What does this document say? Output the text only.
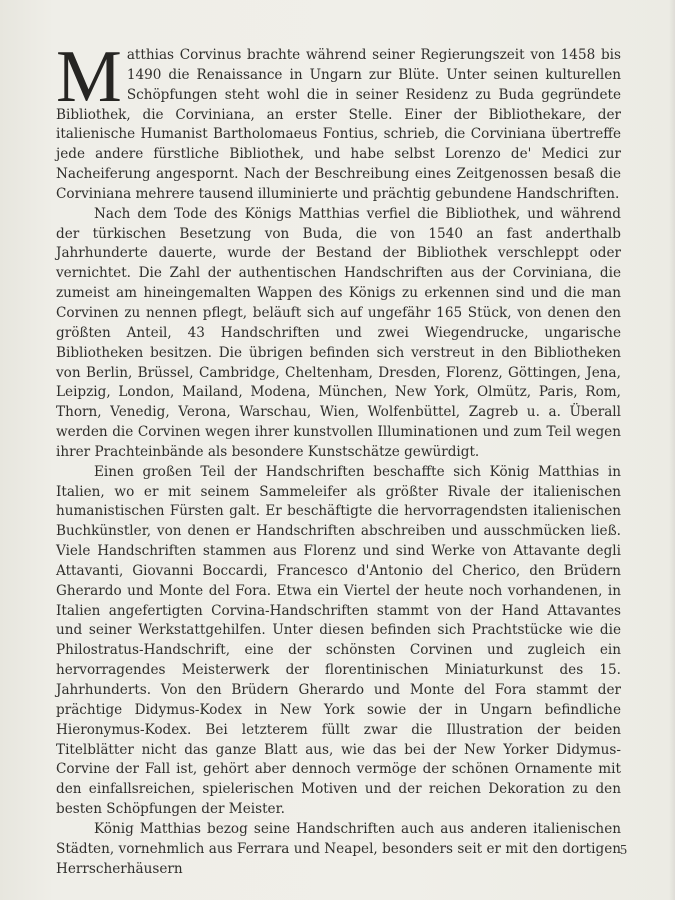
Matthias Corvinus brachte während seiner Regierungszeit von 1458 bis 1490 die Renaissance in Ungarn zur Blüte. Unter seinen kulturellen Schöpfungen steht wohl die in seiner Residenz zu Buda gegründete Bibliothek, die Corviniana, an erster Stelle. Einer der Bibliothekare, der italienische Humanist Bartholomaeus Fontius, schrieb, die Corviniana übertreffe jede andere fürstliche Bibliothek, und habe selbst Lorenzo de' Medici zur Nacheiferung angespornt. Nach der Beschreibung eines Zeitgenossen besaß die Corviniana mehrere tausend illuminierte und prächtig gebundene Handschriften.

Nach dem Tode des Königs Matthias verfiel die Bibliothek, und während der türkischen Besetzung von Buda, die von 1540 an fast anderthalb Jahrhunderte dauerte, wurde der Bestand der Bibliothek verschleppt oder vernichtet. Die Zahl der authentischen Handschriften aus der Corviniana, die zumeist am hineingemalten Wappen des Königs zu erkennen sind und die man Corvinen zu nennen pflegt, beläuft sich auf ungefähr 165 Stück, von denen den größten Anteil, 43 Handschriften und zwei Wiegendrucke, ungarische Bibliotheken besitzen. Die übrigen befinden sich verstreut in den Bibliotheken von Berlin, Brüssel, Cambridge, Cheltenham, Dresden, Florenz, Göttingen, Jena, Leipzig, London, Mailand, Modena, München, New York, Olmütz, Paris, Rom, Thorn, Venedig, Verona, Warschau, Wien, Wolfenbüttel, Zagreb u. a. Überall werden die Corvinen wegen ihrer kunstvollen Illuminationen und zum Teil wegen ihrer Prachteinbände als besondere Kunstschätze gewürdigt.

Einen großen Teil der Handschriften beschaffte sich König Matthias in Italien, wo er mit seinem Sammeleifer als größter Rivale der italienischen humanistischen Fürsten galt. Er beschäftigte die hervorragendsten italienischen Buchkünstler, von denen er Handschriften abschreiben und ausschmücken ließ. Viele Handschriften stammen aus Florenz und sind Werke von Attavante degli Attavanti, Giovanni Boccardi, Francesco d'Antonio del Cherico, den Brüdern Gherardo und Monte del Fora. Etwa ein Viertel der heute noch vorhandenen, in Italien angefertigten Corvina-Handschriften stammt von der Hand Attavantes und seiner Werkstattgehilfen. Unter diesen befinden sich Prachtstücke wie die Philostratus-Handschrift, eine der schönsten Corvinen und zugleich ein hervorragendes Meisterwerk der florentinischen Miniaturkunst des 15. Jahrhunderts. Von den Brüdern Gherardo und Monte del Fora stammt der prächtige Didymus-Kodex in New York sowie der in Ungarn befindliche Hieronymus-Kodex. Bei letzterem füllt zwar die Illustration der beiden Titelblätter nicht das ganze Blatt aus, wie das bei der New Yorker Didymus-Corvine der Fall ist, gehört aber dennoch vermöge der schönen Ornamente mit den einfallsreichen, spielerischen Motiven und der reichen Dekoration zu den besten Schöpfungen der Meister.

König Matthias bezog seine Handschriften auch aus anderen italienischen Städten, vornehmlich aus Ferrara und Neapel, besonders seit er mit den dortigen Herrscherhäusern

5
